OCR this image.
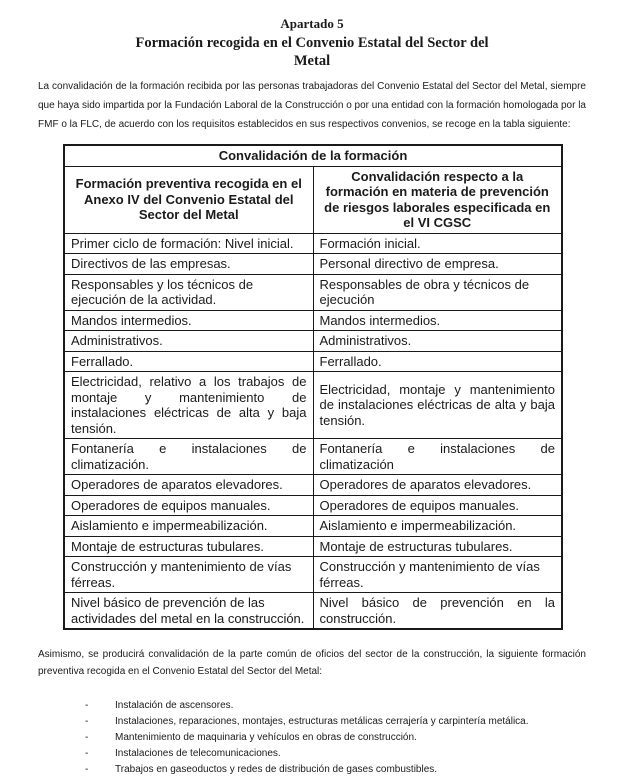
Apartado 5
Formación recogida en el Convenio Estatal del Sector del
Metal

La convalidación de la formación recibida por las personas trabajadoras del Convenio Estatal del Sector del Metal, siempre que haya sido impartida por la Fundación Laboral de la Construcción o por una entidad con la formación homologada por la FMF o la FLC, de acuerdo con los requisitos establecidos en sus respectivos convenios, se recoge en la tabla siguiente:

Convalidación de la formación	
Formación preventiva recogida en el Anexo IV del Convenio Estatal del Sector del Metal	Convalidación respecto a la formación en materia de prevención de riesgos laborales especificada en el VI CGSC
Primer ciclo de formación: Nivel inicial.	Formación inicial.
Directivos de las empresas.	Personal directivo de empresa.
Responsables y los técnicos de ejecución de la actividad.	Responsables de obra y técnicos de ejecución
Mandos intermedios.	Mandos intermedios.
Administrativos.	Administrativos.
Ferrallado.	Ferrallado.
Electricidad, relativo a los trabajos de montaje y mantenimiento de instalaciones eléctricas de alta y baja tensión.	Electricidad, montaje y mantenimiento de instalaciones eléctricas de alta y baja tensión.
Fontanería e instalaciones de climatización.	Fontanería e instalaciones de climatización
Operadores de aparatos elevadores.	Operadores de aparatos elevadores.
Operadores de equipos manuales.	Operadores de equipos manuales.
Aislamiento e impermeabilización.	Aislamiento e impermeabilización.
Montaje de estructuras tubulares.	Montaje de estructuras tubulares.
Construcción y mantenimiento de vías férreas.	Construcción y mantenimiento de vías férreas.
Nivel básico de prevención de las actividades del metal en la construcción.	Nivel básico de prevención en la construcción.

Asimismo, se producirá convalidación de la parte común de oficios del sector de la construcción, la siguiente formación preventiva recogida en el Convenio Estatal del Sector del Metal:

-	Instalación de ascensores.
-	Instalaciones, reparaciones, montajes, estructuras metálicas cerrajería y carpintería metálica.
-	Mantenimiento de maquinaria y vehículos en obras de construcción.
-	Instalaciones de telecomunicaciones.
-	Trabajos en gaseoductos y redes de distribución de gases combustibles.
